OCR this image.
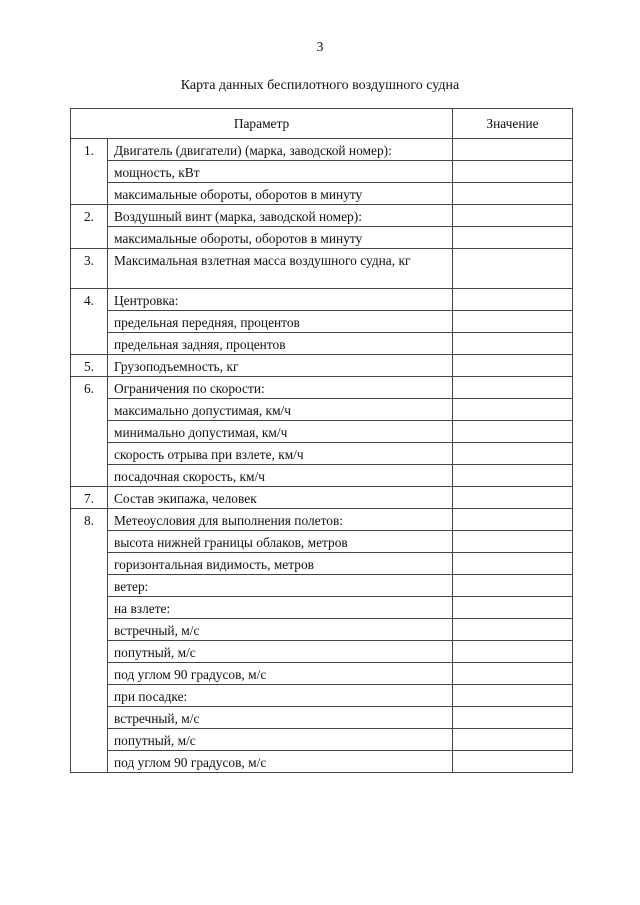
3
Карта данных беспилотного воздушного судна
Параметр		Значение
1.	Двигатель (двигатели) (марка, заводской номер):	
	мощность, кВт	
	максимальные обороты, оборотов в минуту	
2.	Воздушный винт (марка, заводской номер):	
	максимальные обороты, оборотов в минуту	
3.	Максимальная взлетная масса воздушного судна, кг	
4.	Центровка:	
	предельная передняя, процентов	
	предельная задняя, процентов	
5.	Грузоподъемность, кг	
6.	Ограничения по скорости:	
	максимально допустимая, км/ч	
	минимально допустимая, км/ч	
	скорость отрыва при взлете, км/ч	
	посадочная скорость, км/ч	
7.	Состав экипажа, человек	
8.	Метеоусловия для выполнения полетов:	
	высота нижней границы облаков, метров	
	горизонтальная видимость, метров	
	ветер:	
	на взлете:	
	встречный, м/с	
	попутный, м/с	
	под углом 90 градусов, м/с	
	при посадке:	
	встречный, м/с	
	попутный, м/с	
	под углом 90 градусов, м/с	
